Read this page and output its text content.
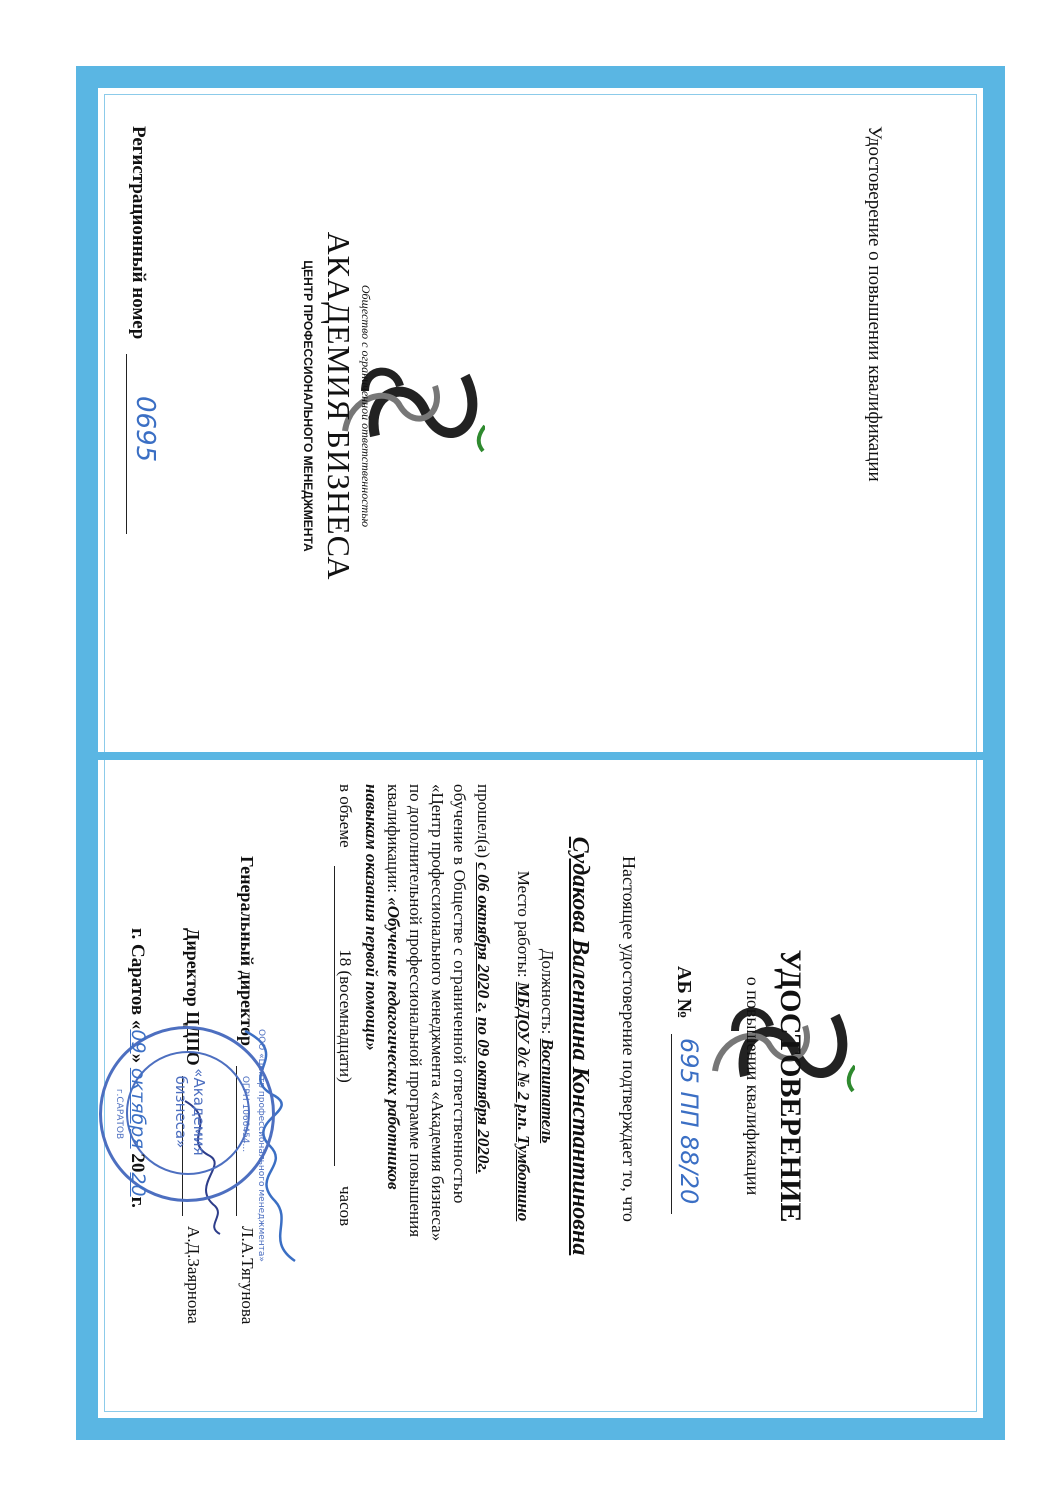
Удостоверение о повышении квалификации
Общество с ограниченной ответственностью
АКАДЕМИЯ БИЗНЕСА
ЦЕНТР ПРОФЕССИОНАЛЬНОГО МЕНЕДЖМЕНТА
Регистрационный номер
0695
УДОСТОВЕРЕНИЕ
о повышении квалификации
АБ №
695 ПП 88/20
Настоящее удостоверение подтверждает то, что
Судакова Валентина Константиновна
Должность: Воспитатель
Место работы: МБДОУ д/с № 2 р.п. Тумботино
прошел(а) с 06 октября 2020 г. по 09 октября 2020г.
обучение в Обществе с ограниченной ответственностью
«Центр профессионального менеджмента «Академия бизнеса»
по дополнительной профессиональной программе повышения
квалификации: «Обучение педагогических работников
навыкам оказания первой помощи»
в объеме
18 (восемнадцати)
часов
Генеральный директор
Л.А.Тягунова
Директор ЦДПО
А.Д.Заярнова
ООО «Центр профессионального менеджмента»
ОГРН 1066454...
«Академия бизнеса»
г.САРАТОВ
г. Саратов «09» октября 2020г.
